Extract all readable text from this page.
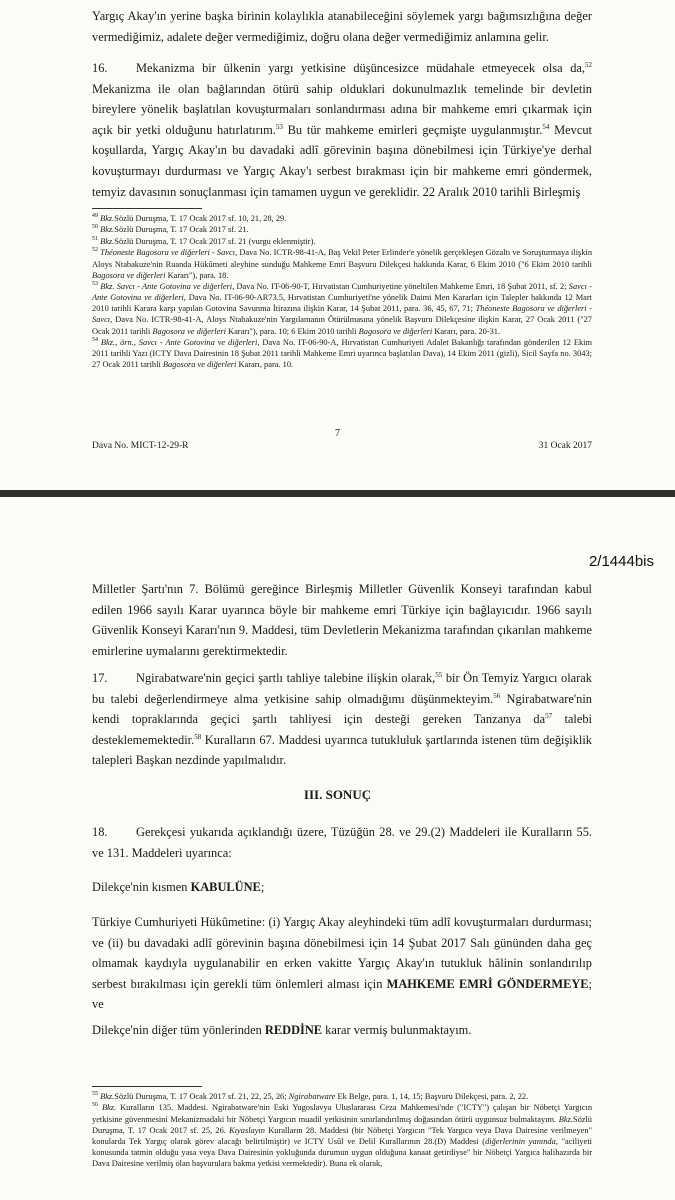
Yargıç Akay'ın yerine başka birinin kolaylıkla atanabileceğini söylemek yargı bağımsızlığına değer vermediğimiz, adalete değer vermediğimiz, doğru olana değer vermediğimiz anlamına gelir.

16. Mekanizma bir ülkenin yargı yetkisine düşüncesizce müdahale etmeyecek olsa da,$^{52}$ Mekanizma ile olan bağlarından ötürü sahip olduklari dokunulmazlık temelinde bir devletin bireylere yönelik başlatılan kovuşturmaları sonlandırması adına bir mahkeme emri çıkarmak için açık bir yetki olduğunu hatırlatırım.$^{53}$ Bu tür mahkeme emirleri geçmişte uygulanmıştır.$^{54}$ Mevcut koşullarda, Yargıç Akay'ın bu davadaki adlî görevinin başına dönebilmesi için Türkiye'ye derhal kovuşturmayı durdurması ve Yargıç Akay'ı serbest bırakması için bir mahkeme emri göndermek, temyiz davasının sonuçlanması için tamamen uygun ve gereklidir. 22 Aralık 2010 tarihli Birleşmiş

$^{49}$ Bkz.Sözlü Duruşma, T. 17 Ocak 2017 sf. 10, 21, 28, 29.

$^{50}$ Bkz.Sözlü Duruşma, T. 17 Ocak 2017 sf. 21.

$^{51}$ Bkz.Sözlü Duruşma, T. 17 Ocak 2017 sf. 21 (vurgu eklenmiştir).

$^{52}$ Théoneste Bagosora ve diğerleri - Savcı, Dava No. ICTR-98-41-A, Baş Vekil Peter Erlinder'e yönelik gerçekleşen Gözaltı ve Soruşturmaya ilişkin Aloys Ntabakuze'nin Ruanda Hükûmeti aleyhine sunduğu Mahkeme Emri Başvuru Dilekçesi hakkında Karar, 6 Ekim 2010 ("6 Ekim 2010 tarihli Bagosora ve diğerleri Kararı"), para. 18.

$^{53}$ Bkz. Savcı - Ante Gotovina ve diğerleri, Dava No. IT-06-90-T, Hırvatistan Cumhuriyetine yöneltilen Mahkeme Emri, 18 Şubat 2011, sf. 2; Savcı - Ante Gotovina ve diğerleri, Dava No. IT-06-90-AR73.5, Hırvatistan Cumhuriyeti'ne yönelik Daimi Men Kararları için Talepler hakkında 12 Mart 2010 tarihli Karara karşı yapılan Gotovina Savunma İtirazına ilişkin Karar, 14 Şubat 2011, para. 36, 45, 67, 71; Théoneste Bagosora ve diğerleri - Savcı, Dava No. ICTR-98-41-A, Aloys Ntabakuze'nin Yargılamanın Ötürülmasına yönelik Başvuru Dilekçesine ilişkin Karar, 27 Ocak 2011 ("27 Ocak 2011 tarihli Bagosora ve diğerleri Kararı"), para. 10; 6 Ekim 2010 tarihli Bagosora ve diğerleri Kararı, para. 20-31.

$^{54}$ Bkz., örn., Savcı - Ante Gotovina ve diğerleri, Dava No. IT-06-90-A, Hırvatistan Cumhuriyeti Adalet Bakanlığı tarafından gönderilen 12 Ekim 2011 tarihli Yazı (ICTY Dava Dairesinin 18 Şubat 2011 tarihli Mahkeme Emri uyarınca başlatılan Dava), 14 Ekim 2011 (gizli), Sicil Sayfa no. 3043; 27 Ocak 2011 tarihli Bagosora ve diğerleri Kararı, para. 10.

7
Dava No. MICT-12-29-R	31 Ocak 2017
2/1444bis

Milletler Şartı'nın 7. Bölümü gereğince Birleşmiş Milletler Güvenlik Konseyi tarafından kabul edilen 1966 sayılı Karar uyarınca böyle bir mahkeme emri Türkiye için bağlayıcıdır. 1966 sayılı Güvenlik Konseyi Kararı'nın 9. Maddesi, tüm Devletlerin Mekanizma tarafından çıkarılan mahkeme emirlerine uymalarını gerektirmektedir.

17. Ngirabatware'nin geçici şartlı tahliye talebine ilişkin olarak,$^{55}$ bir Ön Temyiz Yargıcı olarak bu talebi değerlendirmeye alma yetkisine sahip olmadığımı düşünmekteyim.$^{56}$ Ngirabatware'nin kendi topraklarında geçici şartlı tahliyesi için desteği gereken Tanzanya $da^{57}$ talebi desteklememektedir.$^{58}$ Kuralların 67. Maddesi uyarınca tutukluluk şartlarında istenen tüm değişiklik talepleri Başkan nezdinde yapılmalıdır.

III. SONUÇ

18. Gerekçesi yukarıda açıklandığı üzere, Tüzüğün 28. ve 29.(2) Maddeleri ile Kuralların 55. ve 131. Maddeleri uyarınca:

Dilekçe'nin kısmen KABULÜNE;

Türkiye Cumhuriyeti Hükûmetine: (i) Yargıç Akay aleyhindeki tüm adlî kovuşturmaları durdurması; ve (ii) bu davadaki adlî görevinin başına dönebilmesi için 14 Şubat 2017 Salı gününden daha geç olmamak kaydıyla uygulanabilir en erken vakitte Yargıç Akay'ın tutukluk hâlinin sonlandırılıp serbest bırakılması için gerekli tüm önlemleri alması için MAHKEME EMRİ GÖNDERMEYE; ve

Dilekçe'nin diğer tüm yönlerinden REDDİNE karar vermiş bulunmaktayım.

$^{55}$ Bkz.Sözlü Duruşma, T. 17 Ocak 2017 sf. 21, 22, 25, 26; Ngirabatware Ek Belge, para. 1, 14, 15; Başvuru Dilekçesi, para. 2, 22.

$^{56}$ Bkz. Kuralların 135. Maddesi. Ngirabatware'nin Eski Yugoslavya Uluslararası Ceza Mahkemesi'nde ("ICTY") çalışan bir Nöbetçi Yargıcın yetkisine güvenmesini Mekanizmadaki bir Nöbetçi Yargıcın muadil yetkisinin sınırlandırılmış doğasından ötürü uygunsuz bulmaktayım. Bkz.Sözlü Duruşma, T. 17 Ocak 2017 sf. 25, 26. Kıyaslayın Kuralların 28. Maddesi (bir Nöbetçi Yargıcın "Tek Yargıca veya Dava Dairesine verilmeyen" konularda Tek Yargıç olarak görev alacağı belirtilmiştir) ve ICTY Usûl ve Delil Kurallarının 28.(D) Maddesi (diğerlerinin yanında, "aciliyeti konusunda tatmin olduğu yasa veya Dava Dairesinin yokluğunda durumun uygun olduğuna kanaat getirdiyse" bir Nöbetçi Yargıca halihazırda bir Dava Dairesine verilmiş olan başvurulara bakma yetkisi vermektedir). Buna ek olarak,
